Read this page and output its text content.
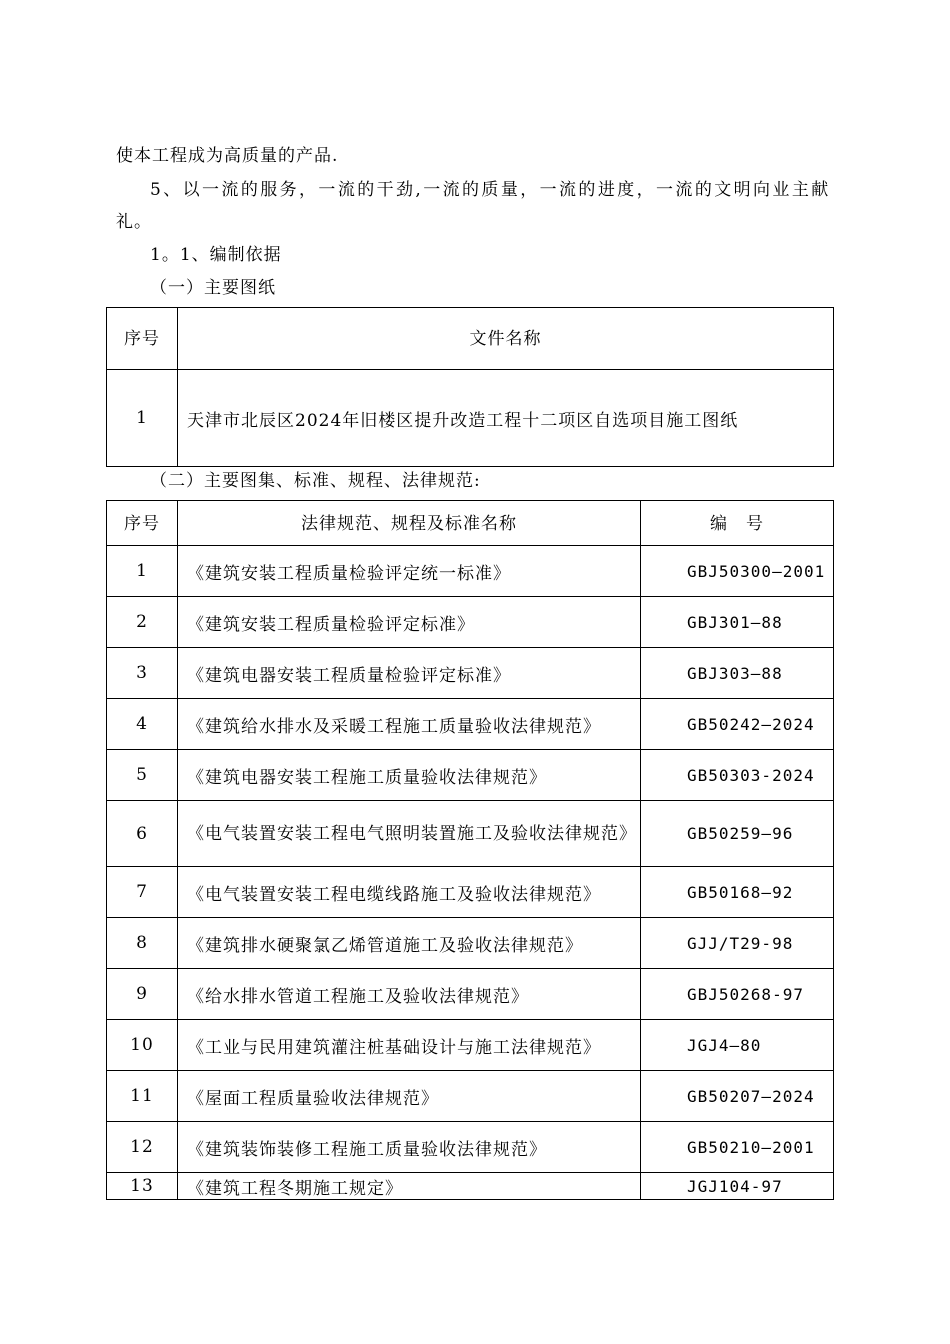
使本工程成为高质量的产品.
5、以一流的服务，一流的干劲,一流的质量，一流的进度，一流的文明向业主献
礼。
1。1、编制依据
（一）主要图纸
序号	文件名称
1	天津市北辰区2024年旧楼区提升改造工程十二项区自选项目施工图纸
（二）主要图集、标准、规程、法律规范:
序号	法律规范、规程及标准名称	编　号
1	《建筑安装工程质量检验评定统一标准》	GBJ50300—2001
2	《建筑安装工程质量检验评定标准》	GBJ301—88
3	《建筑电器安装工程质量检验评定标准》	GBJ303—88
4	《建筑给水排水及采暖工程施工质量验收法律规范》	GB50242—2024
5	《建筑电器安装工程施工质量验收法律规范》	GB50303-2024
6	《电气装置安装工程电气照明装置施工及验收法律规范》	GB50259—96
7	《电气装置安装工程电缆线路施工及验收法律规范》	GB50168—92
8	《建筑排水硬聚氯乙烯管道施工及验收法律规范》	GJJ/T29-98
9	《给水排水管道工程施工及验收法律规范》	GBJ50268-97
10	《工业与民用建筑灌注桩基础设计与施工法律规范》	JGJ4—80
11	《屋面工程质量验收法律规范》	GB50207—2024
12	《建筑装饰装修工程施工质量验收法律规范》	GB50210—2001
13	《建筑工程冬期施工规定》	JGJ104-97
